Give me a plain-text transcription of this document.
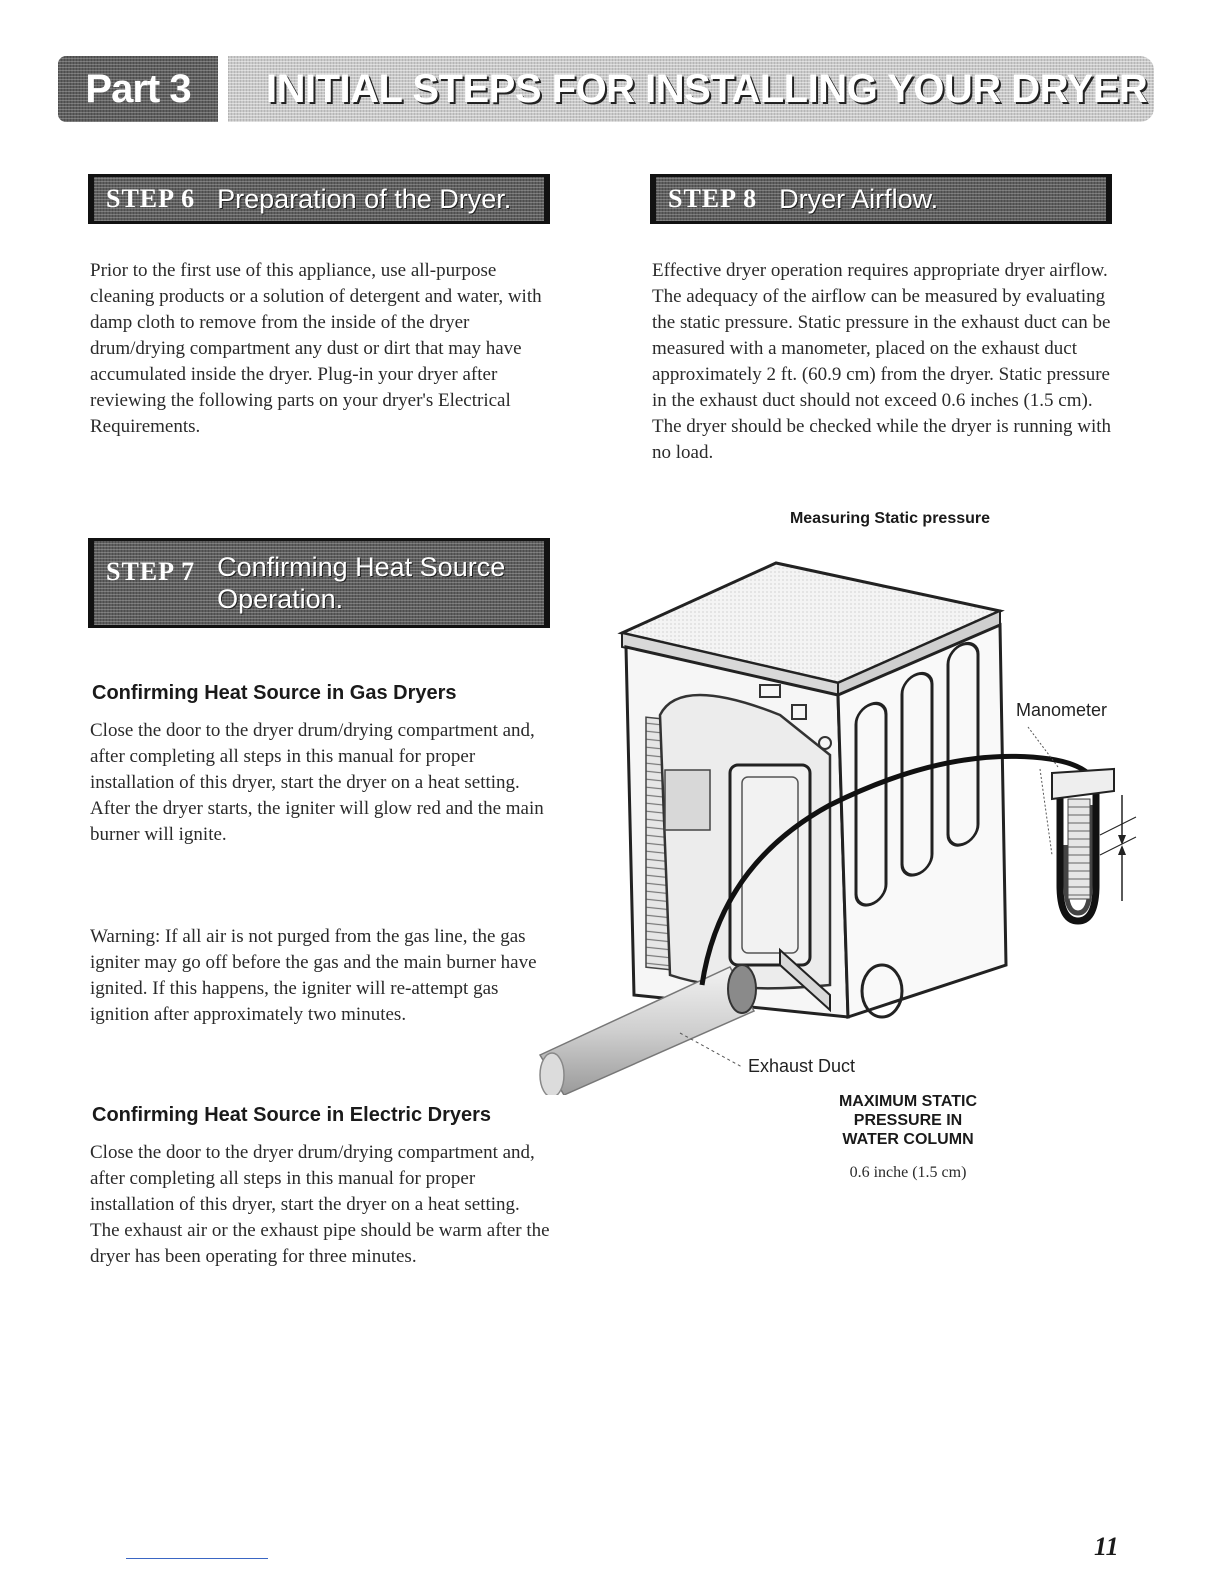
Part 3 INITIAL STEPS FOR INSTALLING YOUR DRYER
STEP 6 Preparation of the Dryer.

Prior to the first use of this appliance, use all-purpose cleaning products or a solution of detergent and water, with damp cloth to remove from the inside of the dryer drum/drying compartment any dust or dirt that may have accumulated inside the dryer. Plug-in your dryer after reviewing the following parts on your dryer's Electrical Requirements.

STEP 7 Confirming Heat Source
Operation.
Confirming Heat Source in Gas Dryers

Close the door to the dryer drum/drying compartment and, after completing all steps in this manual for proper installation of this dryer, start the dryer on a heat setting. After the dryer starts, the igniter will glow red and the main burner will ignite.

Warning: If all air is not purged from the gas line, the gas igniter may go off before the gas and the main burner have ignited. If this happens, the igniter will re-attempt gas ignition after approximately two minutes.

Confirming Heat Source in Electric Dryers

Close the door to the dryer drum/drying compartment and, after completing all steps in this manual for proper installation of this dryer, start the dryer on a heat setting. The exhaust air or the exhaust pipe should be warm after the dryer has been operating for three minutes.

STEP 8 Dryer Airflow.

Effective dryer operation requires appropriate dryer airflow. The adequacy of the airflow can be measured by evaluating the static pressure. Static pressure in the exhaust duct can be measured with a manometer, placed on the exhaust duct approximately 2 ft. (60.9 cm) from the dryer. Static pressure in the exhaust duct should not exceed 0.6 inches (1.5 cm). The dryer should be checked while the dryer is running with no load.

Measuring Static pressure

Manometer
Exhaust Duct
MAXIMUM STATIC
PRESSURE IN
WATER COLUMN

0.6 inche (1.5 cm)

11
